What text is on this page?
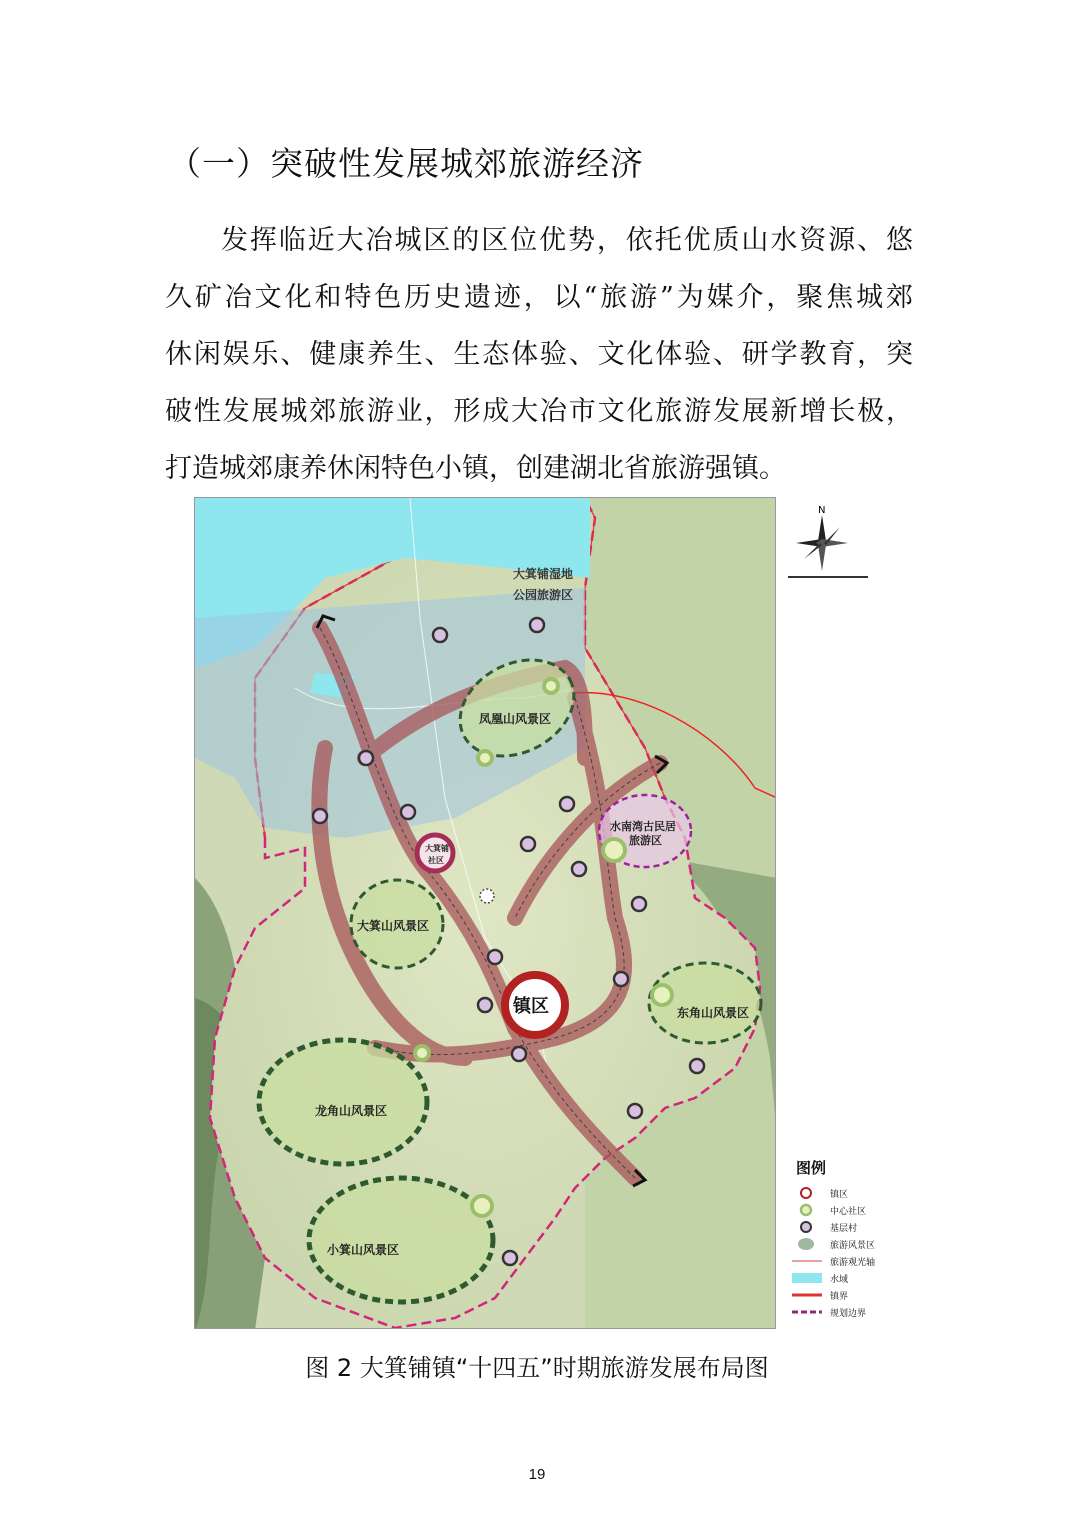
（一）突破性发展城郊旅游经济
发挥临近大冶城区的区位优势，依托优质山水资源、悠
久矿冶文化和特色历史遗迹，以“旅游”为媒介，聚焦城郊
休闲娱乐、健康养生、生态体验、文化体验、研学教育，突
破性发展城郊旅游业，形成大冶市文化旅游发展新增长极，
打造城郊康养休闲特色小镇，创建湖北省旅游强镇。
大箕铺湿地
公园旅游区
凤凰山风景区
水南湾古民居
旅游区
大箕山风景区
镇区	东角山风景区
龙角山风景区
小箕山风景区
大箕铺
社区
N
图例
镇区
中心社区
基层村
旅游风景区
旅游观光轴
水域
镇界
规划边界
图 2 大箕铺镇“十四五”时期旅游发展布局图
19
